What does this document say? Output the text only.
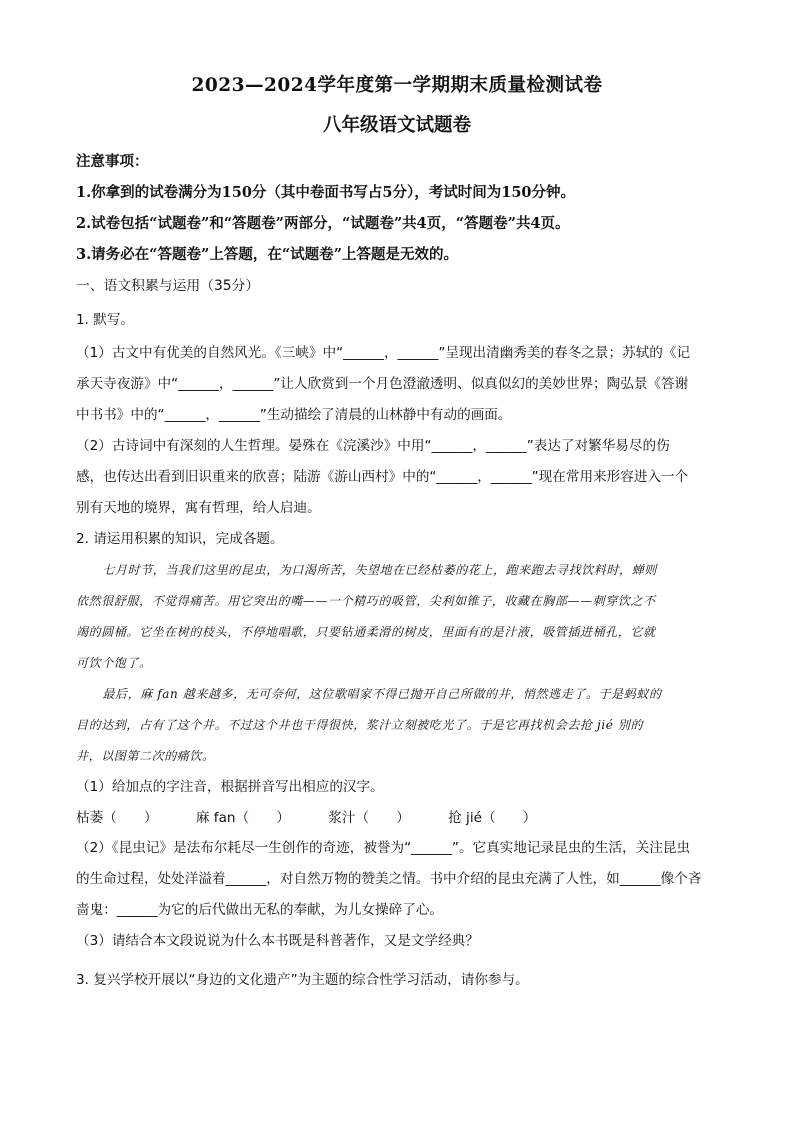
2023—2024学年度第一学期期末质量检测试卷
八年级语文试题卷

注意事项：

1.你拿到的试卷满分为150分（其中卷面书写占5分），考试时间为150分钟。

2.试卷包括“试题卷”和“答题卷”两部分，“试题卷”共4页，“答题卷”共4页。

3.请务必在“答题卷”上答题，在“试题卷”上答题是无效的。

一、语文积累与运用（35分）

1. 默写。

（1）古文中有优美的自然风光。《三峡》中“______，______”呈现出清幽秀美的春冬之景；苏轼的《记

承天寺夜游》中“______，______”让人欣赏到一个月色澄澈透明、似真似幻的美妙世界；陶弘景《答谢

中书书》中的“______，______”生动描绘了清晨的山林静中有动的画面。

（2）古诗词中有深刻的人生哲理。晏殊在《浣溪沙》中用“______，______”表达了对繁华易尽的伤

感，也传达出看到旧识重来的欣喜；陆游《游山西村》中的“______，______”现在常用来形容进入一个

别有天地的境界，寓有哲理，给人启迪。

2. 请运用积累的知识，完成各题。

七月时节，当我们这里的昆虫，为口渴所苦，失望地在已经枯萎的花上，跑来跑去寻找饮料时，蝉则

依然很舒服，不觉得痛苦。用它突出的嘴——一个精巧的吸管，尖利如锥子，收藏在胸部——刺穿饮之不

竭的圆桶。它坐在树的枝头，不停地唱歌，只要钻通柔滑的树皮，里面有的是汁液，吸管插进桶孔，它就

可饮个饱了。

最后，麻 fan 越来越多，无可奈何，这位歌唱家不得已抛开自己所做的井，悄然逃走了。于是蚂蚁的

目的达到，占有了这个井。不过这个井也干得很快，浆汁立刻被吃光了。于是它再找机会去抢 jié 别的

井，以图第二次的痛饮。

（1）给加点的字注音，根据拼音写出相应的汉字。

枯萎（　　）	麻 fan（　　）	浆汁（　　）	抢 jié（　　）

（2）《昆虫记》是法布尔耗尽一生创作的奇迹，被誉为“______”。它真实地记录昆虫的生活，关注昆虫

的生命过程，处处洋溢着______，对自然万物的赞美之情。书中介绍的昆虫充满了人性，如______像个吝

啬鬼：______为它的后代做出无私的奉献，为儿女操碎了心。

（3）请结合本文段说说为什么本书既是科普著作，又是文学经典？

3. 复兴学校开展以“身边的文化遗产”为主题的综合性学习活动，请你参与。
